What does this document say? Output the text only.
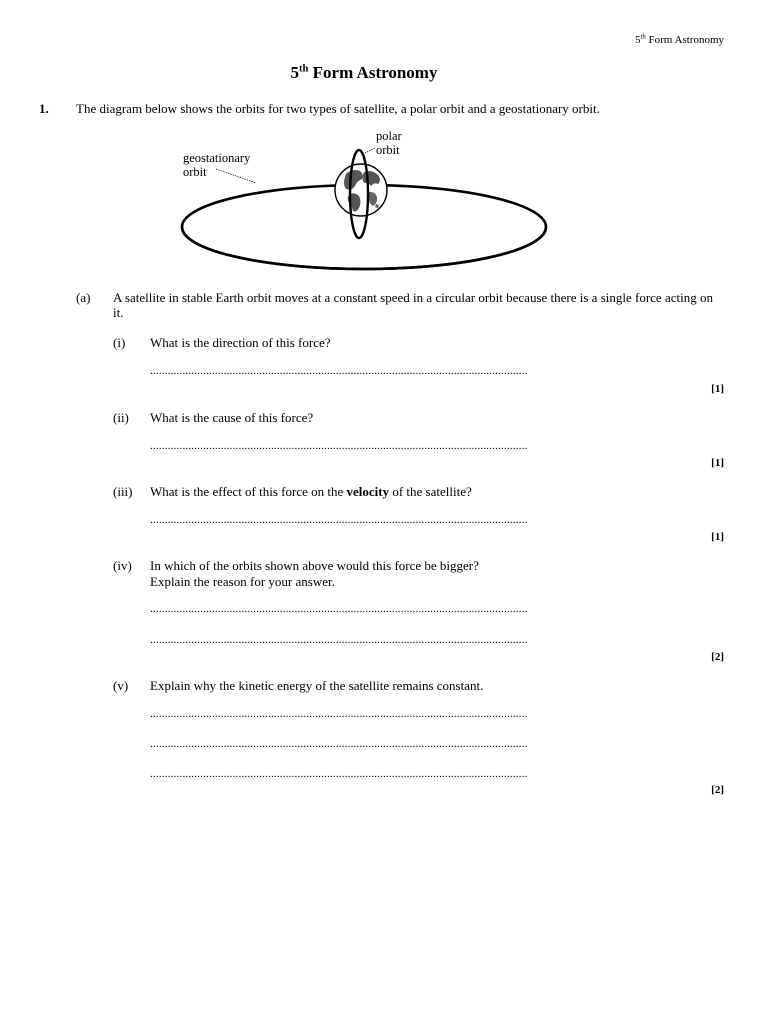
5th Form Astronomy
5th Form Astronomy
1. The diagram below shows the orbits for two types of satellite, a polar orbit and a geostationary orbit.
polar
orbit
geostationary
orbit
(a) A satellite in stable Earth orbit moves at a constant speed in a circular orbit because there is a single force acting on it.
(i) What is the direction of this force?
................................................................................................................................
[1]
(ii) What is the cause of this force?
................................................................................................................................
[1]
(iii) What is the effect of this force on the velocity of the satellite?
................................................................................................................................
[1]
(iv) In which of the orbits shown above would this force be bigger?
Explain the reason for your answer.
................................................................................................................................
................................................................................................................................
[2]
(v) Explain why the kinetic energy of the satellite remains constant.
................................................................................................................................
................................................................................................................................
................................................................................................................................
[2]
